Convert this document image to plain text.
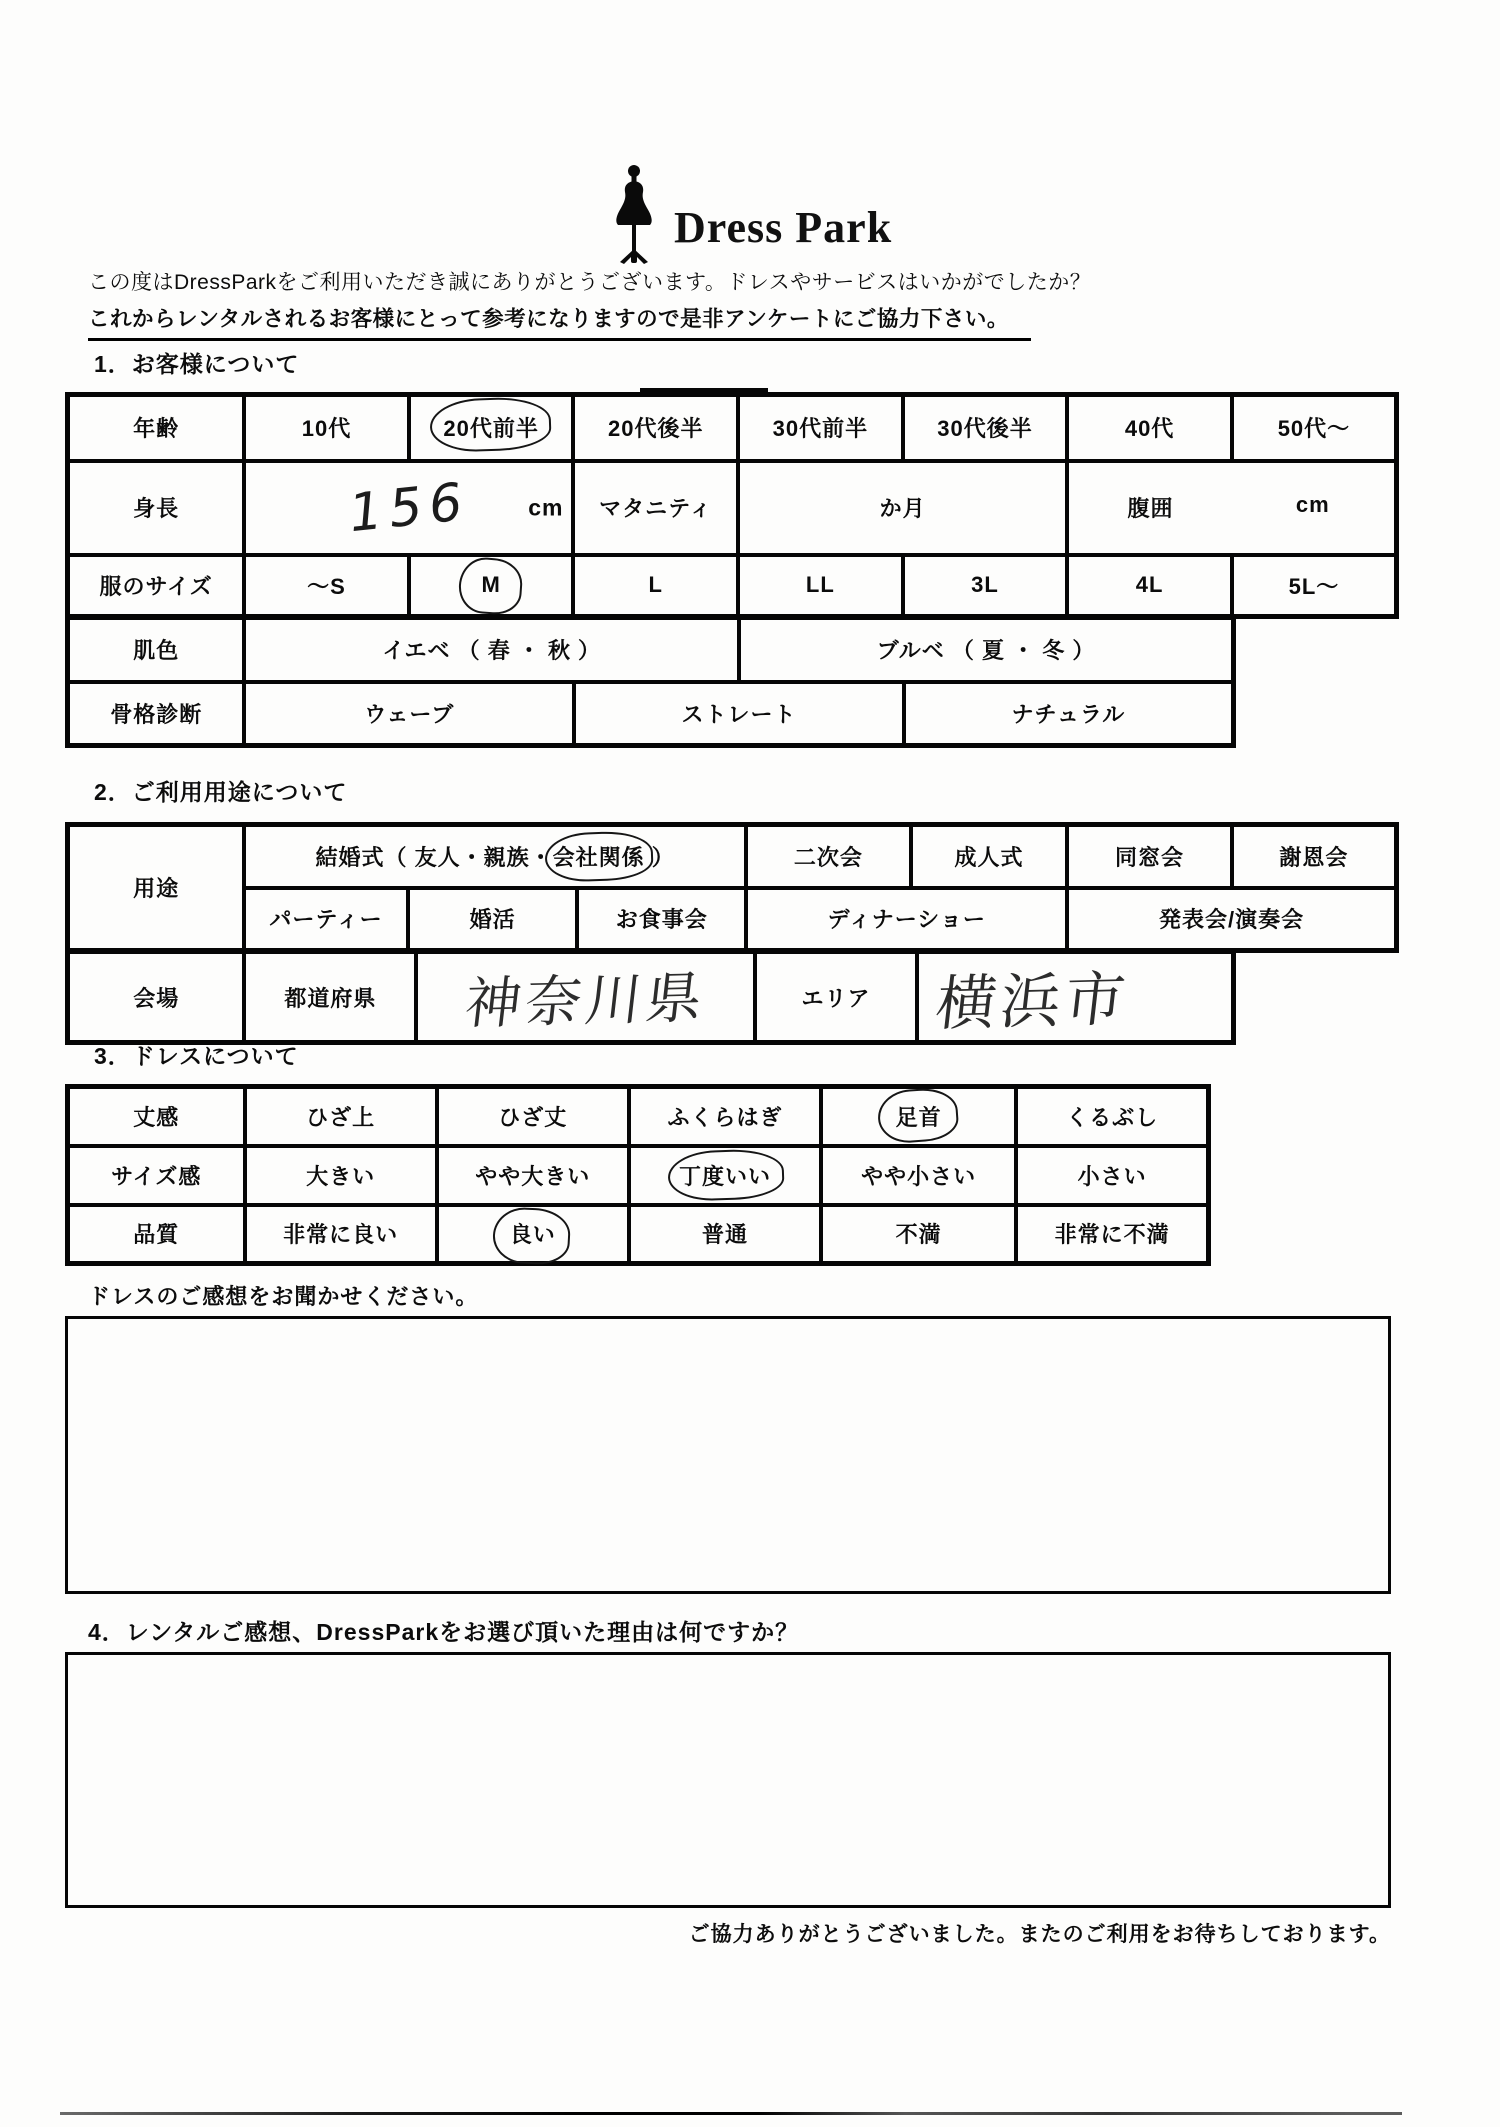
Dress Park
この度はDressParkをご利用いただき誠にありがとうございます。ドレスやサービスはいかがでしたか？
これからレンタルされるお客様にとって参考になりますので是非アンケートにご協力下さい。
1．お客様について
年齢	10代	20代前半	20代後半	30代前半	30代後半	40代	50代～
身長	156 cm		マタニティ	か月		腹囲 cm	

服のサイズ	～S	M	L	LL	3L	4L	5L～
肌色	イエベ （ 春 ・ 秋 ）		ブルベ （ 夏 ・ 冬 ）	
骨格診断	ウェーブ	ストレート		ナチュラル
2．ご利用用途について
用途	結婚式（ 友人・親族・会社関係 ）			二次会	成人式	同窓会	謝恩会
	パーティー	婚活	お食事会	ディナーショー		発表会/演奏会	
会場	都道府県	神奈川県	エリア	横浜市
3．ドレスについて
丈感	ひざ上	ひざ丈	ふくらはぎ	足首	くるぶし
サイズ感	大きい	やや大きい	丁度いい	やや小さい	小さい
品質	非常に良い	良い	普通	不満	非常に不満
ドレスのご感想をお聞かせください。
4．レンタルご感想、DressParkをお選び頂いた理由は何ですか？
ご協力ありがとうございました。またのご利用をお待ちしております。
